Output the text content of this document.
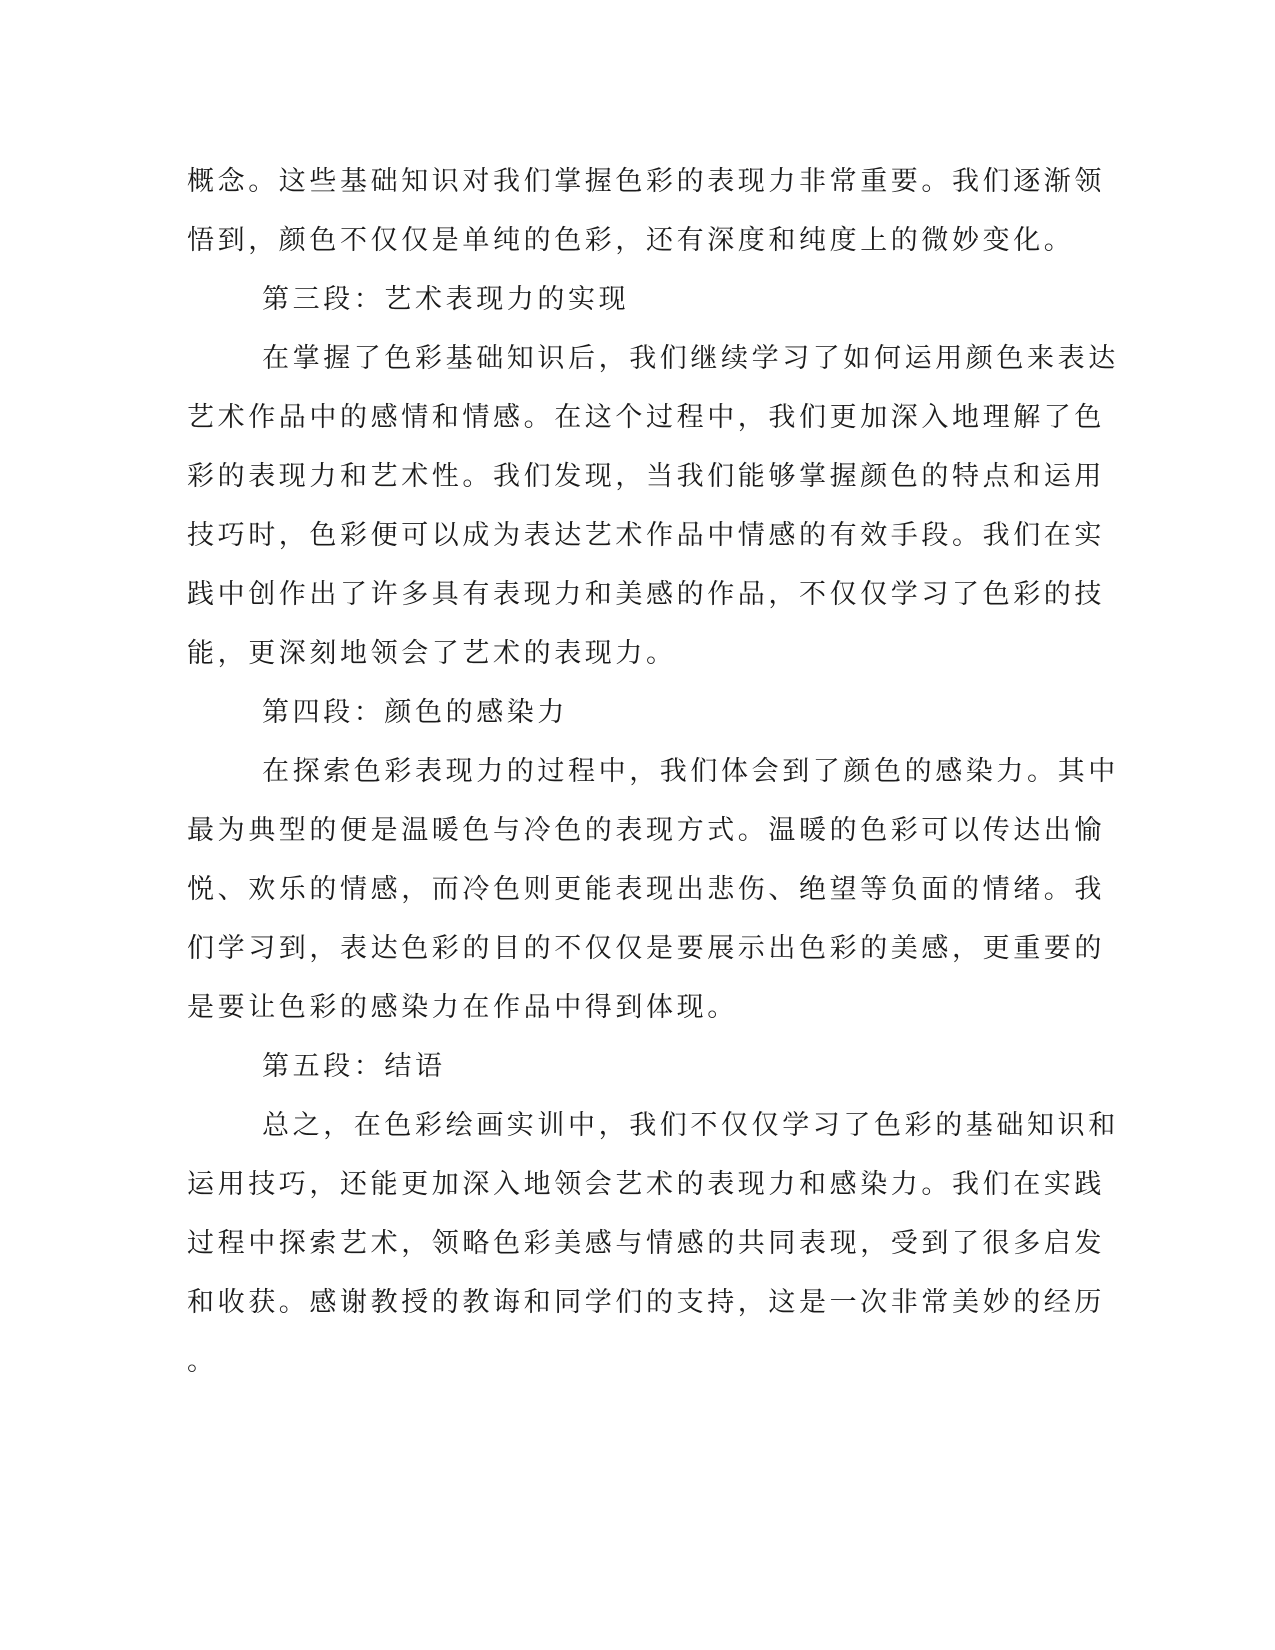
概念。这些基础知识对我们掌握色彩的表现力非常重要。我们逐渐领

悟到，颜色不仅仅是单纯的色彩，还有深度和纯度上的微妙变化。

第三段：艺术表现力的实现

在掌握了色彩基础知识后，我们继续学习了如何运用颜色来表达

艺术作品中的感情和情感。在这个过程中，我们更加深入地理解了色

彩的表现力和艺术性。我们发现，当我们能够掌握颜色的特点和运用

技巧时，色彩便可以成为表达艺术作品中情感的有效手段。我们在实

践中创作出了许多具有表现力和美感的作品，不仅仅学习了色彩的技

能，更深刻地领会了艺术的表现力。

第四段：颜色的感染力

在探索色彩表现力的过程中，我们体会到了颜色的感染力。其中

最为典型的便是温暖色与冷色的表现方式。温暖的色彩可以传达出愉

悦、欢乐的情感，而冷色则更能表现出悲伤、绝望等负面的情绪。我

们学习到，表达色彩的目的不仅仅是要展示出色彩的美感，更重要的

是要让色彩的感染力在作品中得到体现。

第五段：结语

总之，在色彩绘画实训中，我们不仅仅学习了色彩的基础知识和

运用技巧，还能更加深入地领会艺术的表现力和感染力。我们在实践

过程中探索艺术，领略色彩美感与情感的共同表现，受到了很多启发

和收获。感谢教授的教诲和同学们的支持，这是一次非常美妙的经历

。
